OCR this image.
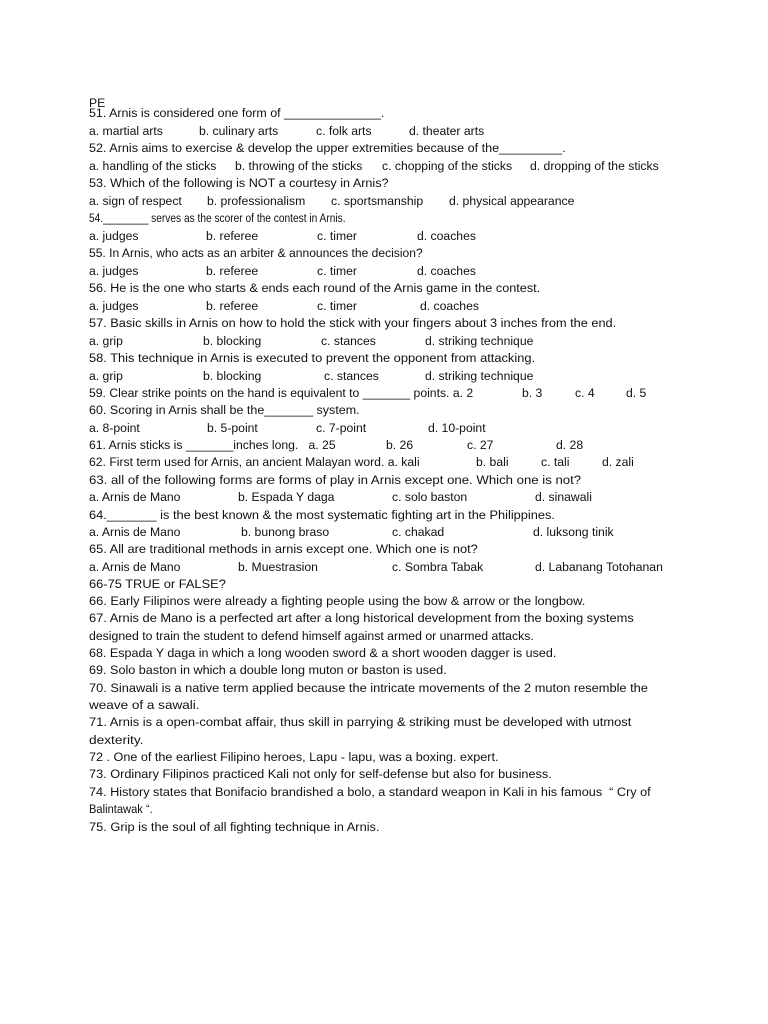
PE
51. Arnis is considered one form of ______________.
a. martial arts	b. culinary arts	c. folk arts	d. theater arts
52. Arnis aims to exercise & develop the upper extremities because of the_________.
a. handling of the sticks b. throwing of the sticks c. chopping of the sticks d. dropping of the sticks
53. Which of the following is NOT a courtesy in Arnis?
a. sign of respect b. professionalism c. sportsmanship d. physical appearance
54.________ serves as the scorer of the contest in Arnis.
a. judges	b. referee	c. timer	d. coaches
55. In Arnis, who acts as an arbiter & announces the decision?
a. judges	b. referee	c. timer	d. coaches
56. He is the one who starts & ends each round of the Arnis game in the contest.
a. judges	b. referee	c. timer	d. coaches
57. Basic skills in Arnis on how to hold the stick with your fingers about 3 inches from the end.
a. grip	b. blocking	c. stances	d. striking technique
58. This technique in Arnis is executed to prevent the opponent from attacking.
a. grip	b. blocking	c. stances	d. striking technique
59. Clear strike points on the hand is equivalent to _______ points. a. 2	b. 3	c. 4	d. 5
60. Scoring in Arnis shall be the_______ system.
a. 8-point	b. 5-point	c. 7-point	d. 10-point
61. Arnis sticks is _______inches long.   a. 25	b. 26	c. 27	d. 28
62. First term used for Arnis, an ancient Malayan word. a. kali	b. bali	c. tali	d. zali
63. all of the following forms are forms of play in Arnis except one. Which one is not?
a. Arnis de Mano	b. Espada Y daga	c. solo baston	d. sinawali
64._______ is the best known & the most systematic fighting art in the Philippines.
a. Arnis de Mano	b. bunong braso	c. chakad	d. luksong tinik
65. All are traditional methods in arnis except one. Which one is not?
a. Arnis de Mano	b. Muestrasion	c. Sombra Tabak	d. Labanang Totohanan
66-75 TRUE or FALSE?
66. Early Filipinos were already a fighting people using the bow & arrow or the longbow.
67. Arnis de Mano is a perfected art after a long historical development from the boxing systems
designed to train the student to defend himself against armed or unarmed attacks.
68. Espada Y daga in which a long wooden sword & a short wooden dagger is used.
69. Solo baston in which a double long muton or baston is used.
70. Sinawali is a native term applied because the intricate movements of the 2 muton resemble the
weave of a sawali.
71. Arnis is a open-combat affair, thus skill in parrying & striking must be developed with utmost
dexterity.
72 . One of the earliest Filipino heroes, Lapu - lapu, was a boxing. expert.
73. Ordinary Filipinos practiced Kali not only for self-defense but also for business.
74. History states that Bonifacio brandished a bolo, a standard weapon in Kali in his famous  “ Cry of
Balintawak “.
75. Grip is the soul of all fighting technique in Arnis.
